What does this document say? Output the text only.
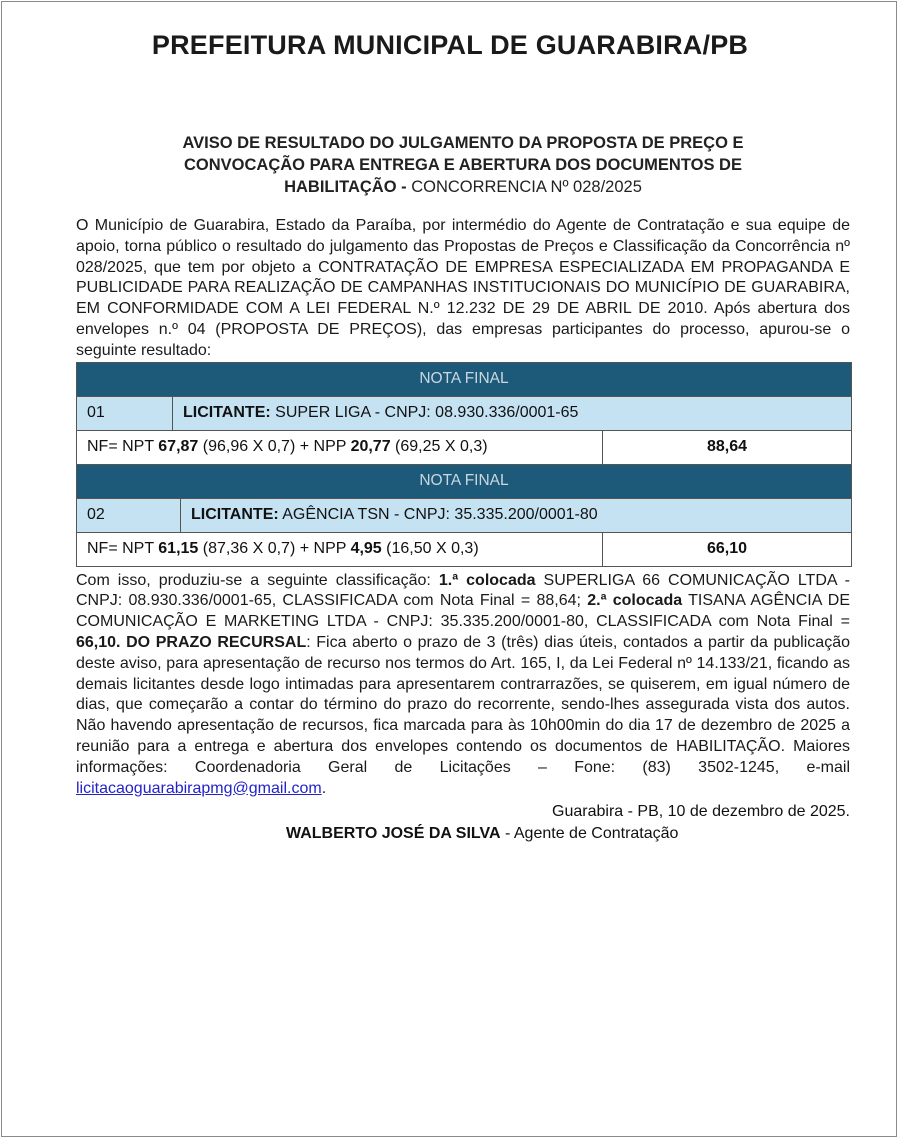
PREFEITURA MUNICIPAL DE GUARABIRA/PB
AVISO DE RESULTADO DO JULGAMENTO DA PROPOSTA DE PREÇO E
CONVOCAÇÃO PARA ENTREGA E ABERTURA DOS DOCUMENTOS DE
HABILITAÇÃO - CONCORRENCIA Nº 028/2025

O Município de Guarabira, Estado da Paraíba, por intermédio do Agente de Contratação e sua equipe de apoio, torna público o resultado do julgamento das Propostas de Preços e Classificação da Concorrência nº 028/2025, que tem por objeto a CONTRATAÇÃO DE EMPRESA ESPECIALIZADA EM PROPAGANDA E PUBLICIDADE PARA REALIZAÇÃO DE CAMPANHAS INSTITUCIONAIS DO MUNICÍPIO DE GUARABIRA, EM CONFORMIDADE COM A LEI FEDERAL N.º 12.232 DE 29 DE ABRIL DE 2010. Após abertura dos envelopes n.º 04 (PROPOSTA DE PREÇOS), das empresas participantes do processo, apurou-se o seguinte resultado:

NOTA FINAL		
01	LICITANTE: SUPER LIGA - CNPJ: 08.930.336/0001-65	
NF= NPT 67,87 (96,96 X 0,7) + NPP 20,77 (69,25 X 0,3)		88,64
NOTA FINAL		
02	LICITANTE: AGÊNCIA TSN - CNPJ: 35.335.200/0001-80	
NF= NPT 61,15 (87,36 X 0,7) + NPP 4,95 (16,50 X 0,3)		66,10

Com isso, produziu-se a seguinte classificação: 1.ª colocada SUPERLIGA 66 COMUNICAÇÃO LTDA - CNPJ: 08.930.336/0001-65, CLASSIFICADA com Nota Final = 88,64; 2.ª colocada TISANA AGÊNCIA DE COMUNICAÇÃO E MARKETING LTDA - CNPJ: 35.335.200/0001-80, CLASSIFICADA com Nota Final = 66,10. DO PRAZO RECURSAL: Fica aberto o prazo de 3 (três) dias úteis, contados a partir da publicação deste aviso, para apresentação de recurso nos termos do Art. 165, I, da Lei Federal nº 14.133/21, ficando as demais licitantes desde logo intimadas para apresentarem contrarrazões, se quiserem, em igual número de dias, que começarão a contar do término do prazo do recorrente, sendo-lhes assegurada vista dos autos. Não havendo apresentação de recursos, fica marcada para às 10h00min do dia 17 de dezembro de 2025 a reunião para a entrega e abertura dos envelopes contendo os documentos de HABILITAÇÃO. Maiores informações: Coordenadoria Geral de Licitações – Fone: (83) 3502-1245, e-mail licitacaoguarabirapmg@gmail.com.

Guarabira - PB, 10 de dezembro de 2025.
WALBERTO JOSÉ DA SILVA - Agente de Contratação
